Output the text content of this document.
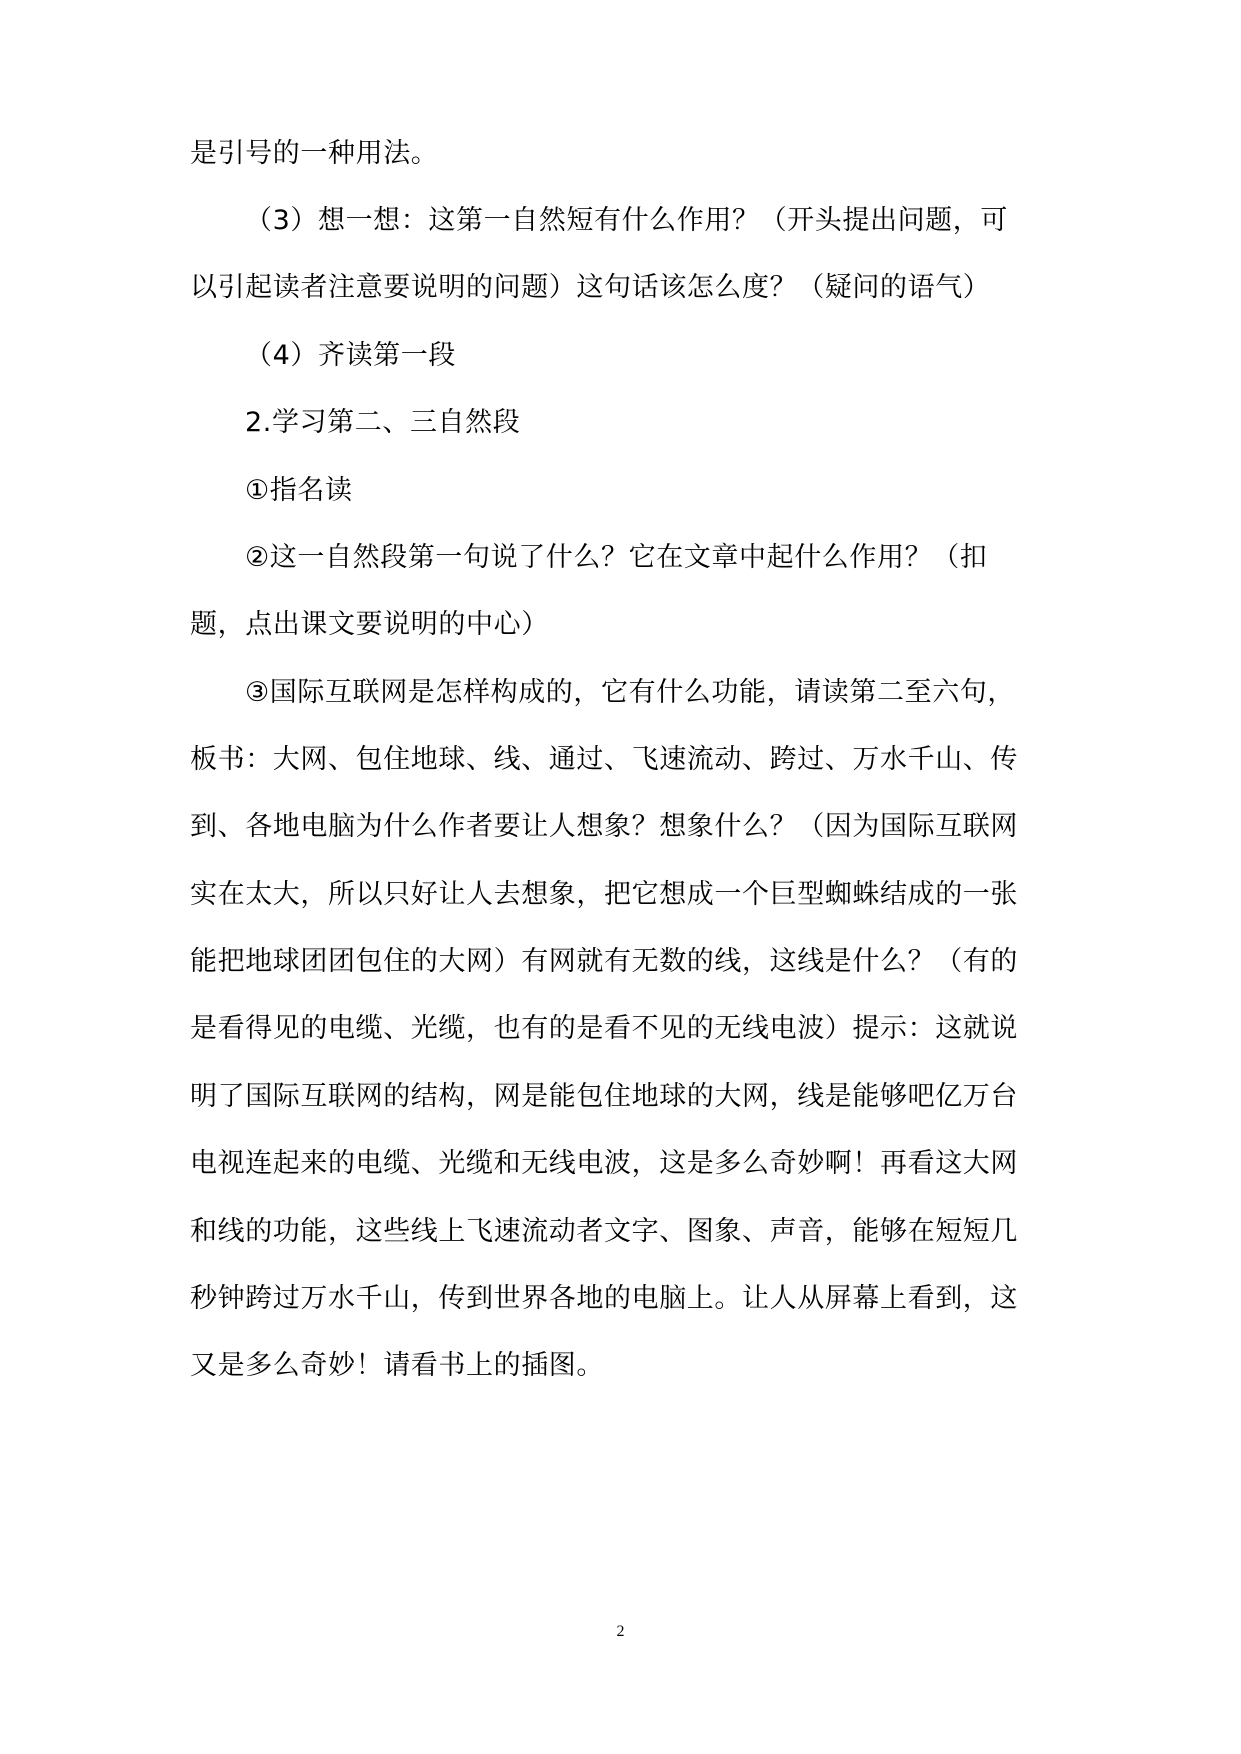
是引号的一种用法。
（3）想一想：这第一自然短有什么作用？（开头提出问题，可
以引起读者注意要说明的问题）这句话该怎么度？（疑问的语气）
（4）齐读第一段
2.学习第二、三自然段
①指名读
②这一自然段第一句说了什么？它在文章中起什么作用？（扣
题，点出课文要说明的中心）
③国际互联网是怎样构成的，它有什么功能，请读第二至六句，
板书：大网、包住地球、线、通过、飞速流动、跨过、万水千山、传
到、各地电脑为什么作者要让人想象？想象什么？（因为国际互联网
实在太大，所以只好让人去想象，把它想成一个巨型蜘蛛结成的一张
能把地球团团包住的大网）有网就有无数的线，这线是什么？（有的
是看得见的电缆、光缆，也有的是看不见的无线电波）提示：这就说
明了国际互联网的结构，网是能包住地球的大网，线是能够吧亿万台
电视连起来的电缆、光缆和无线电波，这是多么奇妙啊！再看这大网
和线的功能，这些线上飞速流动者文字、图象、声音，能够在短短几
秒钟跨过万水千山，传到世界各地的电脑上。让人从屏幕上看到，这
又是多么奇妙！请看书上的插图。
2
